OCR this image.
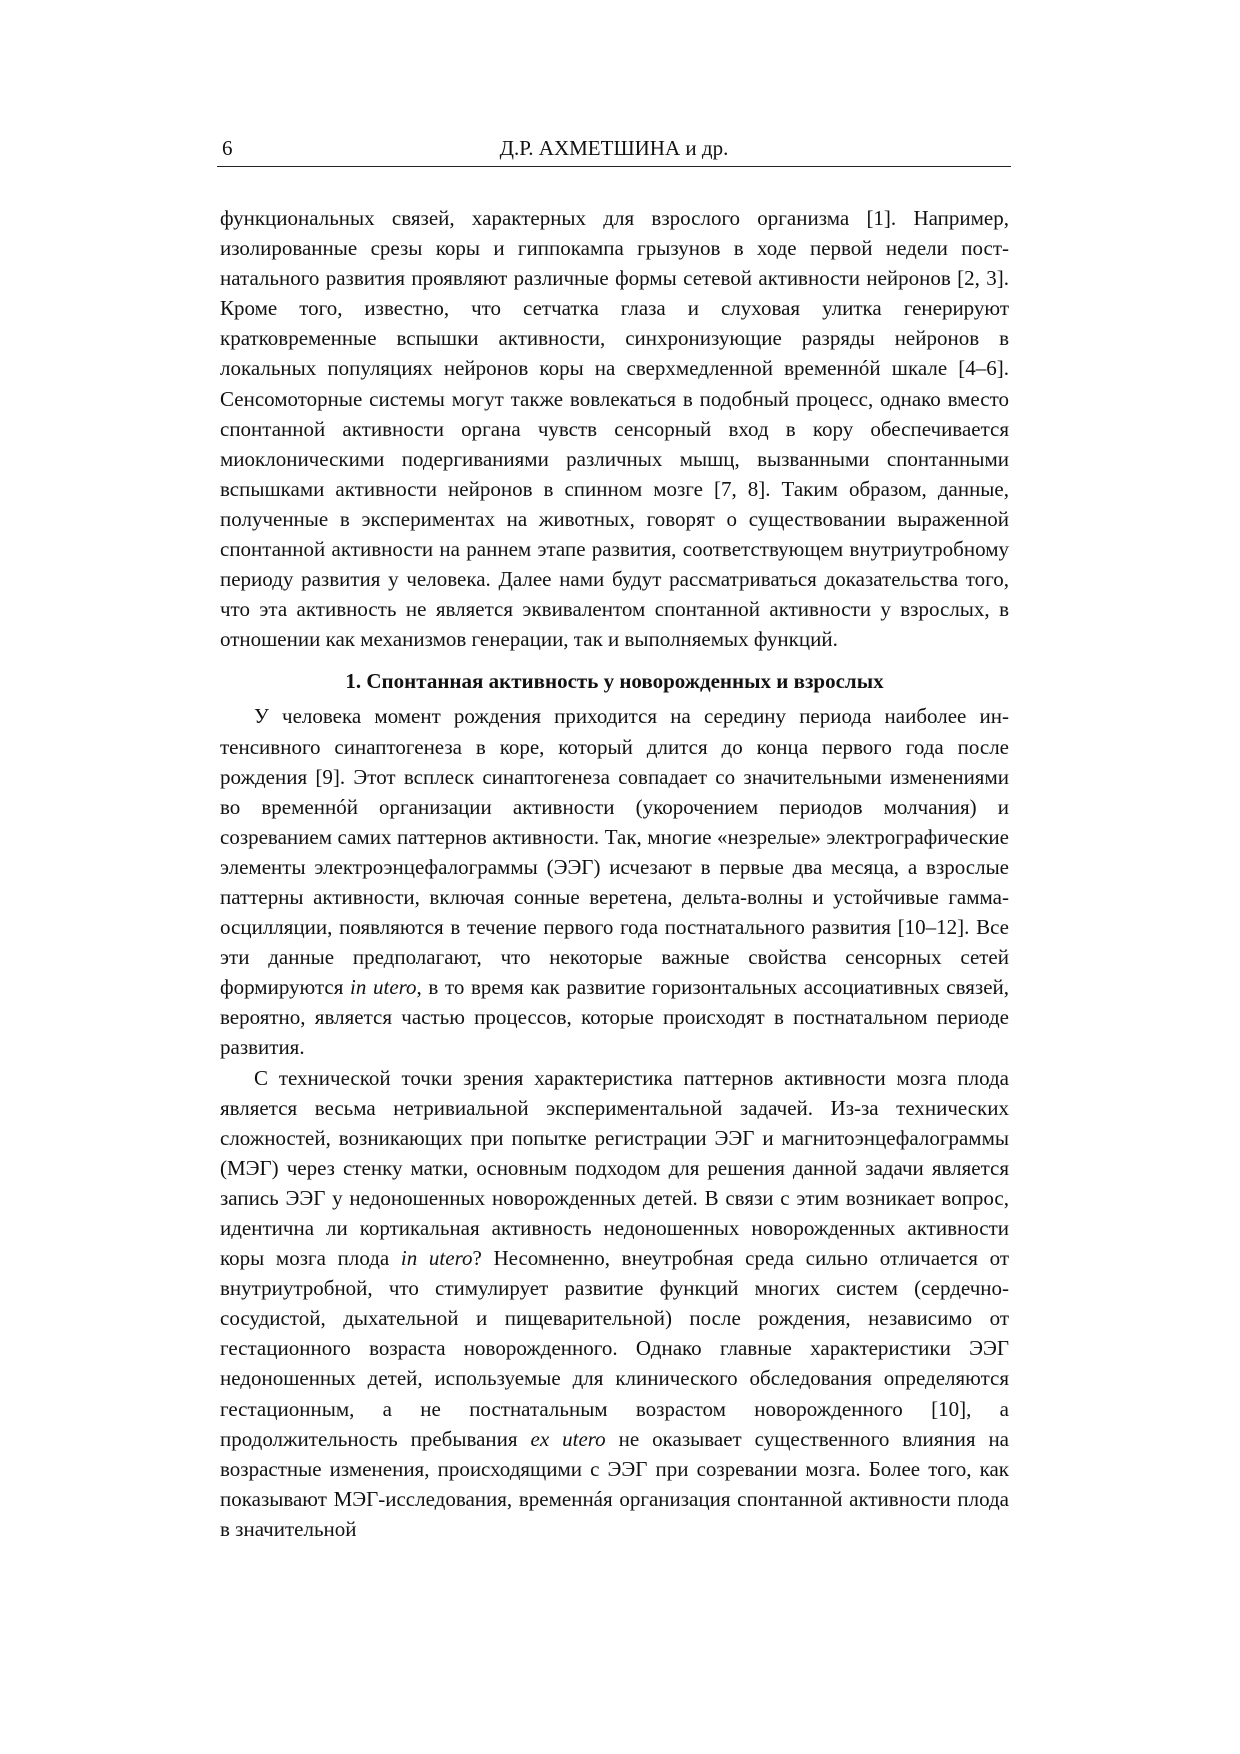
6	Д.Р. АХМЕТШИНА и др.

функциональных связей, характерных для взрослого организма [1]. Например, изолированные срезы коры и гиппокампа грызунов в ходе первой недели постнатального развития проявляют различные формы сетевой активности нейронов [2, 3]. Кроме того, известно, что сетчатка глаза и слуховая улитка генерируют кратковременные вспышки активности, синхронизующие разряды нейронов в локальных популяциях нейронов коры на сверхмедленной временнóй шкале [4–6]. Сенсомоторные системы могут также вовлекаться в подобный процесс, однако вместо спонтанной активности органа чувств сенсорный вход в кору обеспечивается миоклоническими подергиваниями различных мышц, вызванными спонтанными вспышками активности нейронов в спинном мозге [7, 8]. Таким образом, данные, полученные в экспериментах на животных, говорят о существовании выраженной спонтанной активности на раннем этапе развития, соответствующем внутриутробному периоду развития у человека. Далее нами будут рассматриваться доказательства того, что эта активность не является эквивалентом спонтанной активности у взрослых, в отношении как механизмов генерации, так и выполняемых функций.

1. Спонтанная активность у новорожденных и взрослых

У человека момент рождения приходится на середину периода наиболее интенсивного синаптогенеза в коре, который длится до конца первого года после рождения [9]. Этот всплеск синаптогенеза совпадает со значительными изменениями во временнóй организации активности (укорочением периодов молчания) и созреванием самих паттернов активности. Так, многие «незрелые» электрографические элементы электроэнцефалограммы (ЭЭГ) исчезают в первые два месяца, а взрослые паттерны активности, включая сонные веретена, дельта-волны и устойчивые гамма-осцилляции, появляются в течение первого года постнатального развития [10–12]. Все эти данные предполагают, что некоторые важные свойства сенсорных сетей формируются in utero, в то время как развитие горизонтальных ассоциативных связей, вероятно, является частью процессов, которые происходят в постнатальном периоде развития.

С технической точки зрения характеристика паттернов активности мозга плода является весьма нетривиальной экспериментальной задачей. Из-за технических сложностей, возникающих при попытке регистрации ЭЭГ и магнитоэнцефалограммы (МЭГ) через стенку матки, основным подходом для решения данной задачи является запись ЭЭГ у недоношенных новорожденных детей. В связи с этим возникает вопрос, идентична ли кортикальная активность недоношенных новорожденных активности коры мозга плода in utero? Несомненно, внеутробная среда сильно отличается от внутриутробной, что стимулирует развитие функций многих систем (сердечно-сосудистой, дыхательной и пищеварительной) после рождения, независимо от гестационного возраста новорожденного. Однако главные характеристики ЭЭГ недоношенных детей, используемые для клинического обследования определяются гестационным, а не постнатальным возрастом новорожденного [10], а продолжительность пребывания ex utero не оказывает существенного влияния на возрастные изменения, происходящими с ЭЭГ при созревании мозга. Более того, как показывают МЭГ-исследования, временнáя организация спонтанной активности плода в значительной
